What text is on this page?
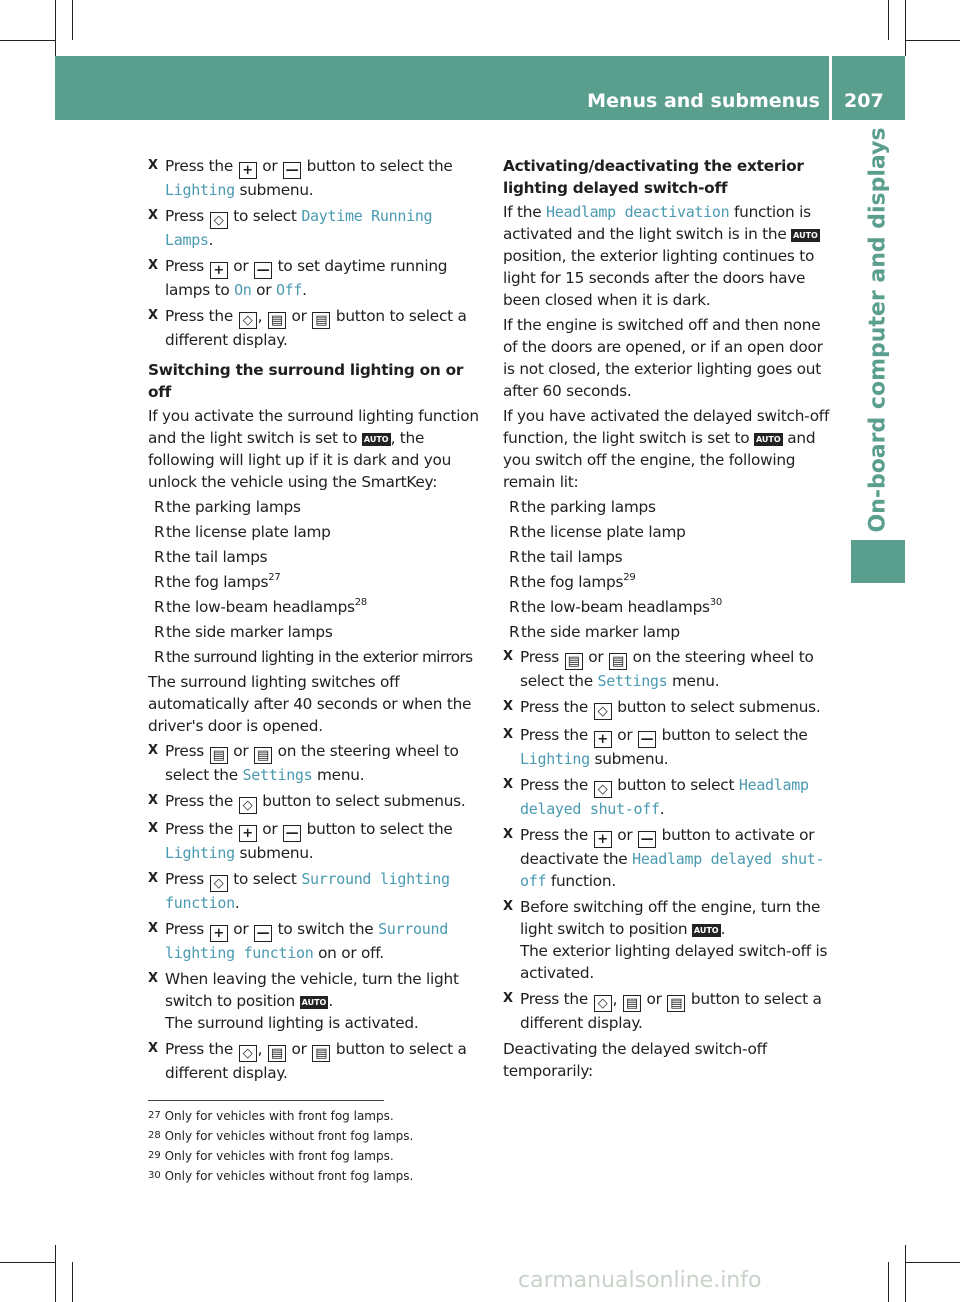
Menus and submenus 207
On-board computer and displays
X Press the + or — button to select the Lighting submenu.
X Press ◇ to select Daytime Running Lamps.
X Press + or — to set daytime running lamps to On or Off.
X Press the ◇ , ▤ or ▤ button to select a different display.
Switching the surround lighting on or off
If you activate the surround lighting function and the light switch is set to AUTO , the following will light up if it is dark and you unlock the vehicle using the SmartKey:
R the parking lamps
R the license plate lamp
R the tail lamps
R the fog lamps$^{27}$
R the low-beam headlamps$^{28}$
R the side marker lamps
R the surround lighting in the exterior mirrors
The surround lighting switches off automatically after 40 seconds or when the driver's door is opened.
X Press ▤ or ▤ on the steering wheel to select the Settings menu.
X Press the ◇ button to select submenus.
X Press the + or — button to select the Lighting submenu.
X Press ◇ to select Surround lighting function.
X Press + or — to switch the Surround lighting function on or off.
X When leaving the vehicle, turn the light switch to position AUTO .
The surround lighting is activated.
X Press the ◇ , ▤ or ▤ button to select a different display.
Activating/deactivating the exterior lighting delayed switch-off
If the Headlamp deactivation function is activated and the light switch is in the AUTO position, the exterior lighting continues to light for 15 seconds after the doors have been closed when it is dark.
If the engine is switched off and then none of the doors are opened, or if an open door is not closed, the exterior lighting goes out after 60 seconds.
If you have activated the delayed switch-off function, the light switch is set to AUTO and you switch off the engine, the following remain lit:
R the parking lamps
R the license plate lamp
R the tail lamps
R the fog lamps$^{29}$
R the low-beam headlamps$^{30}$
R the side marker lamp
X Press ▤ or ▤ on the steering wheel to select the Settings menu.
X Press the ◇ button to select submenus.
X Press the + or — button to select the Lighting submenu.
X Press the ◇ button to select Headlamp delayed shut-off.
X Press the + or — button to activate or deactivate the Headlamp delayed shut-off function.
X Before switching off the engine, turn the light switch to position AUTO .
The exterior lighting delayed switch-off is activated.
X Press the ◇ , ▤ or ▤ button to select a different display.
Deactivating the delayed switch-off temporarily:
$^{27}$ Only for vehicles with front fog lamps.
$^{28}$ Only for vehicles without front fog lamps.
$^{29}$ Only for vehicles with front fog lamps.
$^{30}$ Only for vehicles without front fog lamps.
carmanualsonline.info
